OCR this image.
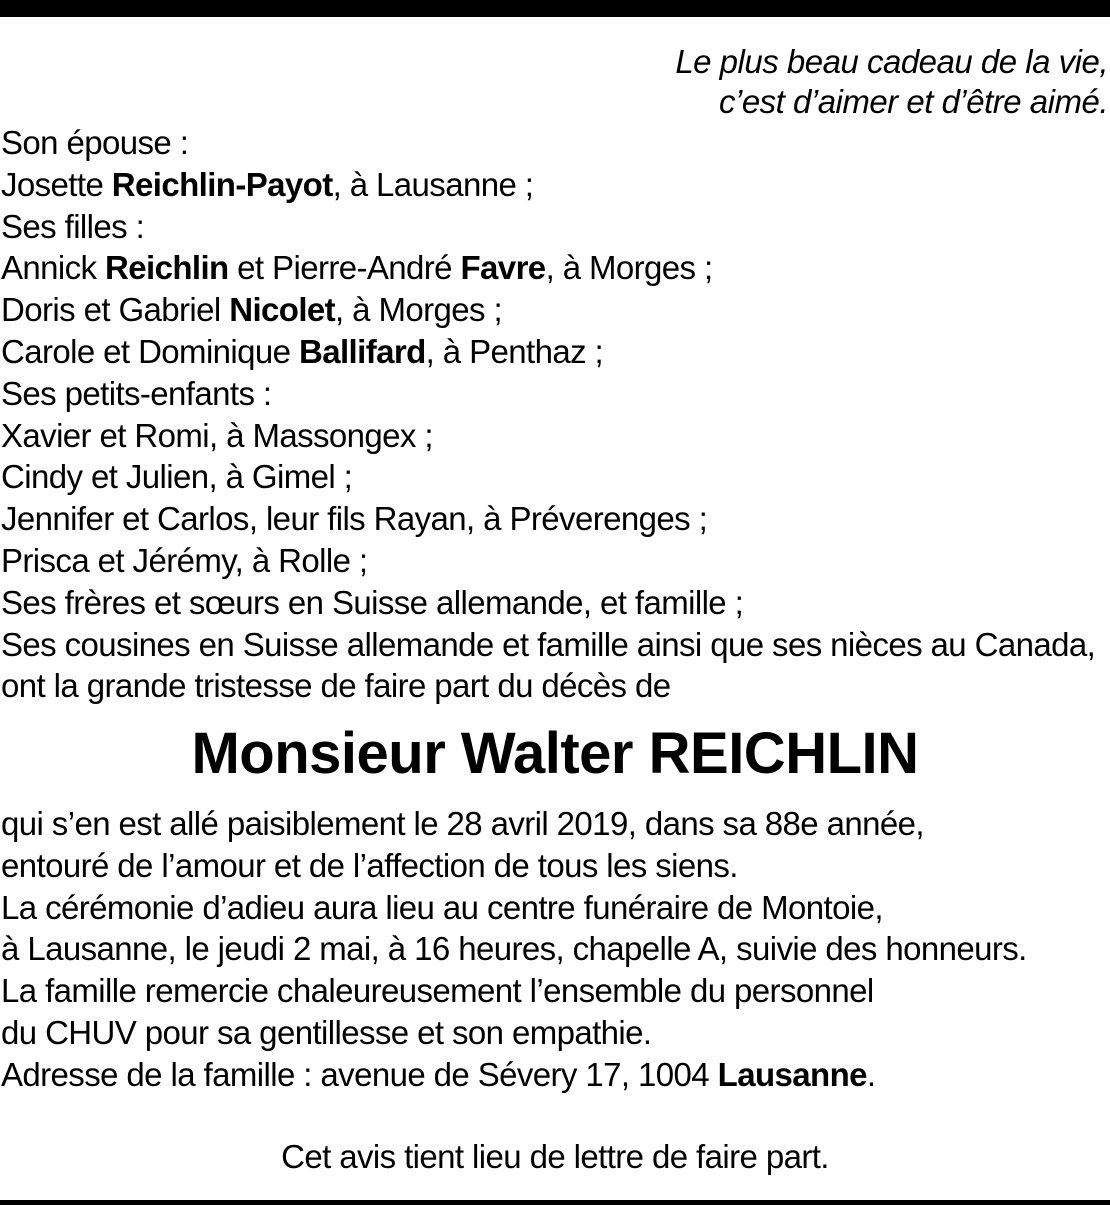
Le plus beau cadeau de la vie,
c’est d’aimer et d’être aimé.
Son épouse :
Josette Reichlin-Payot, à Lausanne ;
Ses filles :
Annick Reichlin et Pierre-André Favre, à Morges ;
Doris et Gabriel Nicolet, à Morges ;
Carole et Dominique Ballifard, à Penthaz ;
Ses petits-enfants :
Xavier et Romi, à Massongex ;
Cindy et Julien, à Gimel ;
Jennifer et Carlos, leur fils Rayan, à Préverenges ;
Prisca et Jérémy, à Rolle ;
Ses frères et sœurs en Suisse allemande, et famille ;
Ses cousines en Suisse allemande et famille ainsi que ses nièces au Canada,
ont la grande tristesse de faire part du décès de
Monsieur Walter REICHLIN
qui s’en est allé paisiblement le 28 avril 2019, dans sa 88e année,
entouré de l’amour et de l’affection de tous les siens.
La cérémonie d’adieu aura lieu au centre funéraire de Montoie,
à Lausanne, le jeudi 2 mai, à 16 heures, chapelle A, suivie des honneurs.
La famille remercie chaleureusement l’ensemble du personnel
du CHUV pour sa gentillesse et son empathie.
Adresse de la famille : avenue de Sévery 17, 1004 Lausanne.
Cet avis tient lieu de lettre de faire part.
